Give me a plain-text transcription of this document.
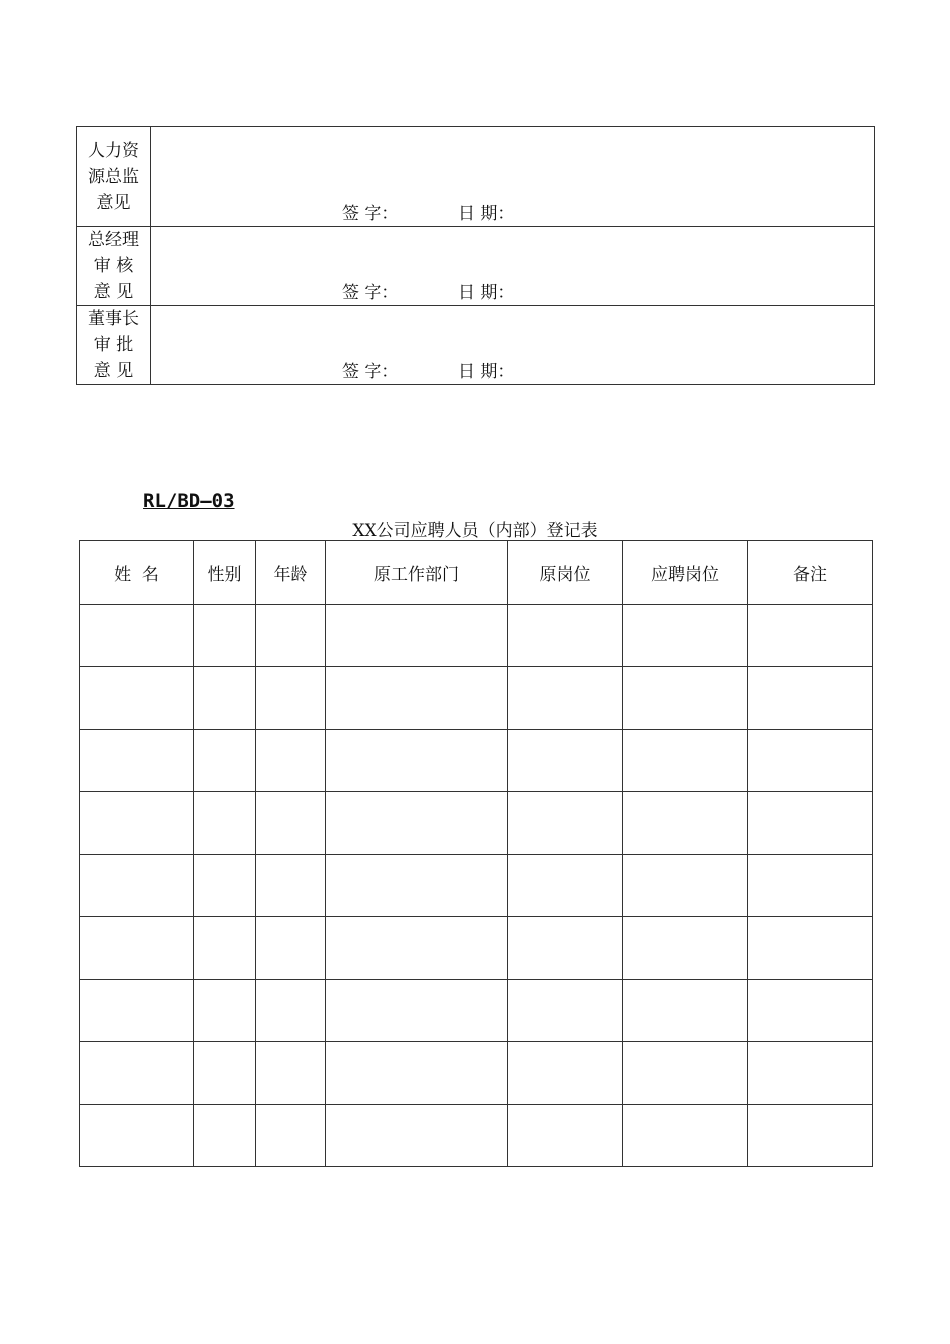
人力资
源总监
意见	签 字： 日 期：

总经理
审 核
意 见	签 字： 日 期：

董事长
审 批
意 见	签 字： 日 期：
RL/BD—03
XX公司应聘人员（内部）登记表
姓  名	性别	年龄	原工作部门	原岗位	应聘岗位	备注
